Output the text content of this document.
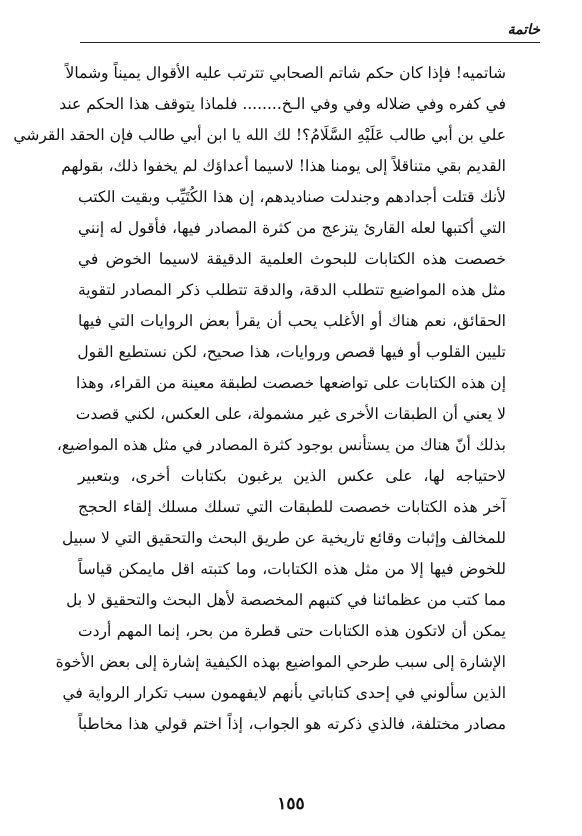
خاتمة
شاتميه! فإذا كان حكم شاتم الصحابي تترتب عليه الأقوال يميناً وشمالاً
في كفره وفي ضلاله وفي وفي الـخ........ فلماذا يتوقف هذا الحكم عند
علي بن أبي طالب عَلَيْهِ السَّلَامُ؟! لك الله يا ابن أبي طالب فإن الحقد القرشي
القديم بقي متناقلاً إلى يومنا هذا! لاسيما أعداؤك لم يخفوا ذلك، بقولهم
لأنك قتلت أجدادهم وجندلت صناديدهم، إن هذا الكُتَيِّب وبقيت الكتب
التي أكتبها لعله القارئ يتزعج من كثرة المصادر فيها، فأقول له إنني
خصصت هذه الكتابات للبحوث العلمية الدقيقة لاسيما الخوض في
مثل هذه المواضيع تتطلب الدقة، والدقة تتطلب ذكر المصادر لتقوية
الحقائق، نعم هناك أو الأغلب يحب أن يقرأ بعض الروايات التي فيها
تليين القلوب أو فيها قصص وروايات، هذا صحيح، لكن نستطيع القول
إن هذه الكتابات على تواضعها خصصت لطبقة معينة من القراء، وهذا
لا يعني أن الطبقات الأخرى غير مشمولة، على العكس، لكني قصدت
بذلك أنّ هناك من يستأنس بوجود كثرة المصادر في مثل هذه المواضيع،
لاحتياجه لها، على عكس الذين يرغبون بكتابات أخرى، وبتعبير
آخر هذه الكتابات خصصت للطبقات التي تسلك مسلك إلقاء الحجج
للمخالف وإثبات وقائع تاريخية عن طريق البحث والتحقيق التي لا سبيل
للخوض فيها إلا من مثل هذه الكتابات، وما كتبته اقل مايمكن قياساً
مما كتب من عظمائنا في كتبهم المخصصة لأهل البحث والتحقيق لا بل
يمكن أن لاتكون هذه الكتابات حتى قطرة من بحر، إنما المهم أردت
الإشارة إلى سبب طرحي المواضيع بهذه الكيفية إشارة إلى بعض الأخوة
الذين سألوني في إحدى كتاباتي بأنهم لايفهمون سبب تكرار الرواية في
مصادر مختلفة، فالذي ذكرته هو الجواب، إذاً اختم قولي هذا مخاطباً
١٥٥
